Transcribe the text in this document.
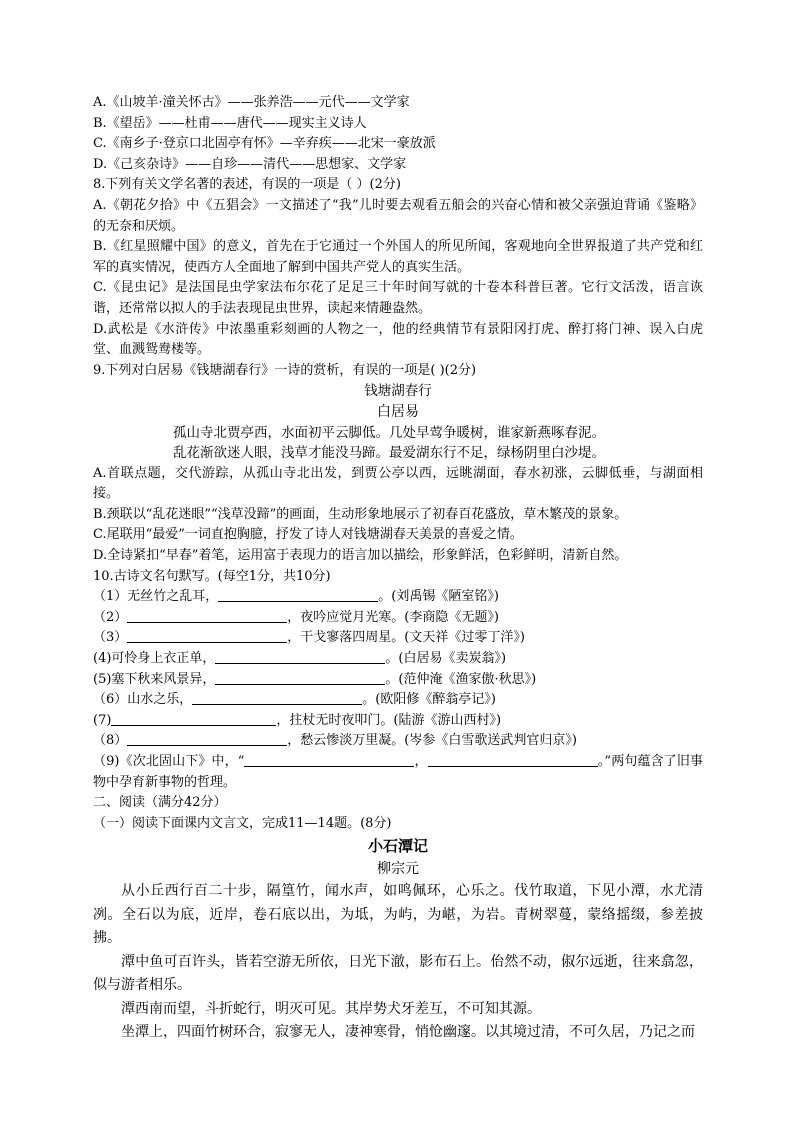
A.《山坡羊·潼关怀古》——张养浩——元代——文学家
B.《望岳》——杜甫——唐代——现实主义诗人
C.《南乡子·登京口北固亭有怀》—辛弃疾——北宋一豪放派
D.《己亥杂诗》——自珍——清代——思想家、文学家
8.下列有关文学名著的表述，有误的一项是（ ）(2分)
A.《朝花夕拾》中《五猖会》一文描述了“我”儿时要去观看五船会的兴奋心情和被父亲强迫背诵《鉴略》的无奈和厌烦。
B.《红星照耀中国》的意义，首先在于它通过一个外国人的所见所闻，客观地向全世界报道了共产党和红军的真实情况，使西方人全面地了解到中国共产党人的真实生活。
C.《昆虫记》是法国昆虫学家法布尔花了足足三十年时间写就的十卷本科普巨著。它行文活泼，语言诙谐，还常常以拟人的手法表现昆虫世界，读起来情趣盎然。
D.武松是《水浒传》中浓墨重彩刻画的人物之一，他的经典情节有景阳冈打虎、醉打将门神、误入白虎堂、血溅鸳鸯楼等。
9.下列对白居易《钱塘湖春行》一诗的赏析，有误的一项是( )(2分)
钱塘湖春行
白居易
孤山寺北贾亭西，水面初平云脚低。几处早莺争暖树，谁家新燕啄春泥。
乱花渐欲迷人眼，浅草才能没马蹄。最爱湖东行不足，绿杨阴里白沙堤。
A.首联点题，交代游踪，从孤山寺北出发，到贾公亭以西，远眺湖面，春水初涨，云脚低垂，与湖面相接。
B.颈联以“乱花迷眼”“浅草没蹄”的画面，生动形象地展示了初春百花盛放，草木繁茂的景象。
C.尾联用“最爱”一词直抱胸臆，抒发了诗人对钱塘湖春天美景的喜爱之情。
D.全诗紧扣“早春”着笔，运用富于表现力的语言加以描绘，形象鲜活，色彩鲜明，清新自然。
10.古诗文名句默写。(每空1分，共10分)
（1）无丝竹之乱耳，	。(刘禹锡《陋室铭》)
（2）	，夜吟应觉月光寒。(李商隐《无题》)
（3）	，干戈寥落四周星。(文天祥《过零丁洋》)
(4)可怜身上衣正单，	。(白居易《卖炭翁》)
(5)塞下秋来风景异，	。(范仲淹《渔家傲·秋思》)
（6）山水之乐，	。(欧阳修《醉翁亭记》)
(7)	，拄杖无时夜叩门。(陆游《游山西村》)
（8）	，愁云惨淡万里凝。(岑参《白雪歌送武判官归京》)
（9)《次北固山下》中，“	，	。”两句蕴含了旧事物中孕育新事物的哲理。
二、阅读（满分42分）
（一）阅读下面课内文言文，完成11—14题。(8分)
小石潭记
柳宗元
从小丘西行百二十步，隔篁竹，闻水声，如鸣佩环，心乐之。伐竹取道，下见小潭，水尤清冽。全石以为底，近岸，卷石底以出，为坻，为屿，为嵁，为岩。青树翠蔓，蒙络摇缀，参差披拂。
潭中鱼可百许头，皆若空游无所依，日光下澈，影布石上。佁然不动，俶尔远逝，往来翕忽，似与游者相乐。
潭西南而望，斗折蛇行，明灭可见。其岸势犬牙差互，不可知其源。
坐潭上，四面竹树环合，寂寥无人，凄神寒骨，悄怆幽邃。以其境过清，不可久居，乃记之而
